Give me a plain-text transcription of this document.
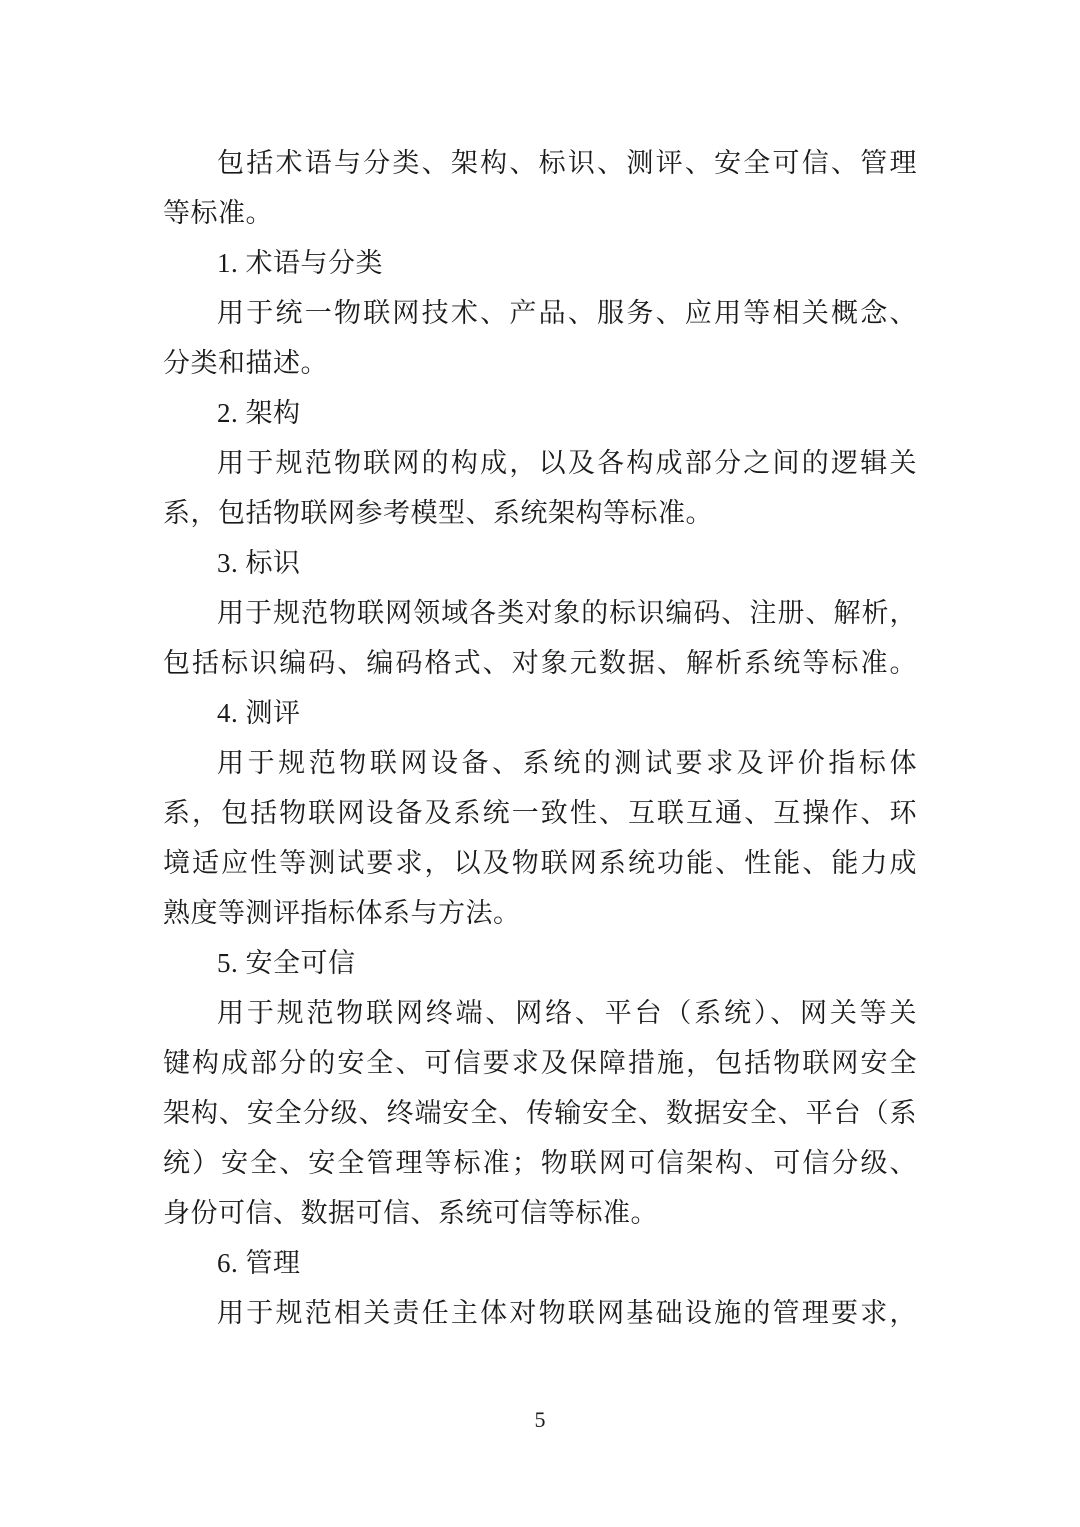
包括术语与分类、架构、标识、测评、安全可信、管理
等标准。
1. 术语与分类
用于统一物联网技术、产品、服务、应用等相关概念、
分类和描述。
2. 架构
用于规范物联网的构成，以及各构成部分之间的逻辑关
系，包括物联网参考模型、系统架构等标准。
3. 标识
用于规范物联网领域各类对象的标识编码、注册、解析，
包括标识编码、编码格式、对象元数据、解析系统等标准。
4. 测评
用于规范物联网设备、系统的测试要求及评价指标体
系，包括物联网设备及系统一致性、互联互通、互操作、环
境适应性等测试要求，以及物联网系统功能、性能、能力成
熟度等测评指标体系与方法。
5. 安全可信
用于规范物联网终端、网络、平台（系统）、网关等关
键构成部分的安全、可信要求及保障措施，包括物联网安全
架构、安全分级、终端安全、传输安全、数据安全、平台（系
统）安全、安全管理等标准；物联网可信架构、可信分级、
身份可信、数据可信、系统可信等标准。
6. 管理
用于规范相关责任主体对物联网基础设施的管理要求，
5
